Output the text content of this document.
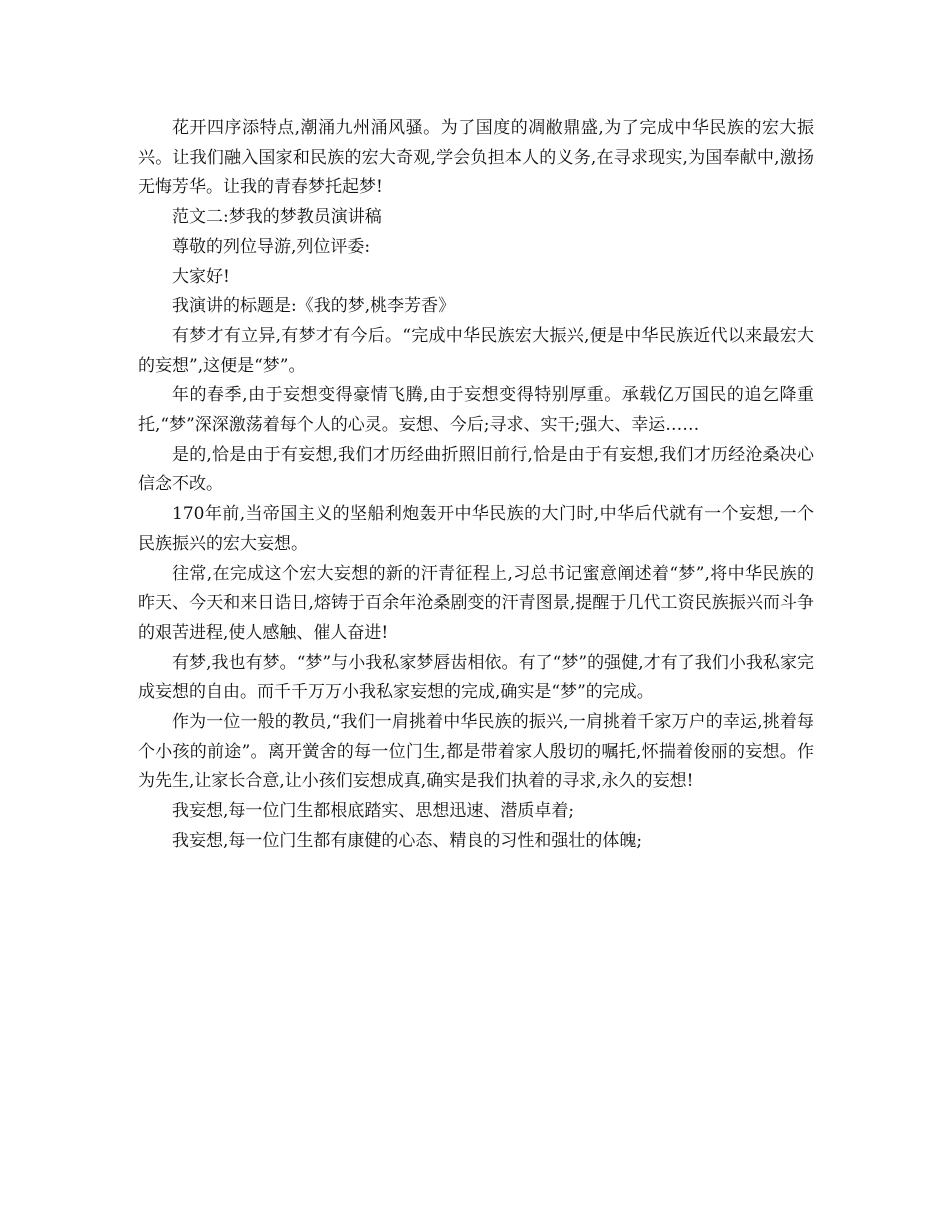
花开四序添特点,潮涌九州涌风骚。为了国度的凋敝鼎盛,为了完成中华民族的宏大振兴。让我们融入国家和民族的宏大奇观,学会负担本人的义务,在寻求现实,为国奉献中,激扬无悔芳华。让我的青春梦托起梦!

范文二:梦我的梦教员演讲稿

尊敬的列位导游,列位评委:

大家好!

我演讲的标题是:《我的梦,桃李芳香》

有梦才有立异,有梦才有今后。“完成中华民族宏大振兴,便是中华民族近代以来最宏大的妄想”,这便是“梦”。

年的春季,由于妄想变得豪情飞腾,由于妄想变得特别厚重。承载亿万国民的追乞降重托,“梦”深深激荡着每个人的心灵。妄想、今后;寻求、实干;强大、幸运……

是的,恰是由于有妄想,我们才历经曲折照旧前行,恰是由于有妄想,我们才历经沧桑决心信念不改。

170年前,当帝国主义的坚船利炮轰开中华民族的大门时,中华后代就有一个妄想,一个民族振兴的宏大妄想。

往常,在完成这个宏大妄想的新的汗青征程上,习总书记蜜意阐述着“梦”,将中华民族的昨天、今天和来日诰日,熔铸于百余年沧桑剧变的汗青图景,提醒于几代工资民族振兴而斗争的艰苦进程,使人感触、催人奋进!

有梦,我也有梦。“梦”与小我私家梦唇齿相依。有了“梦”的强健,才有了我们小我私家完成妄想的自由。而千千万万小我私家妄想的完成,确实是“梦”的完成。

作为一位一般的教员,“我们一肩挑着中华民族的振兴,一肩挑着千家万户的幸运,挑着每个小孩的前途”。离开黉舍的每一位门生,都是带着家人殷切的嘱托,怀揣着俊丽的妄想。作为先生,让家长合意,让小孩们妄想成真,确实是我们执着的寻求,永久的妄想!

我妄想,每一位门生都根底踏实、思想迅速、潜质卓着;

我妄想,每一位门生都有康健的心态、精良的习性和强壮的体魄;
